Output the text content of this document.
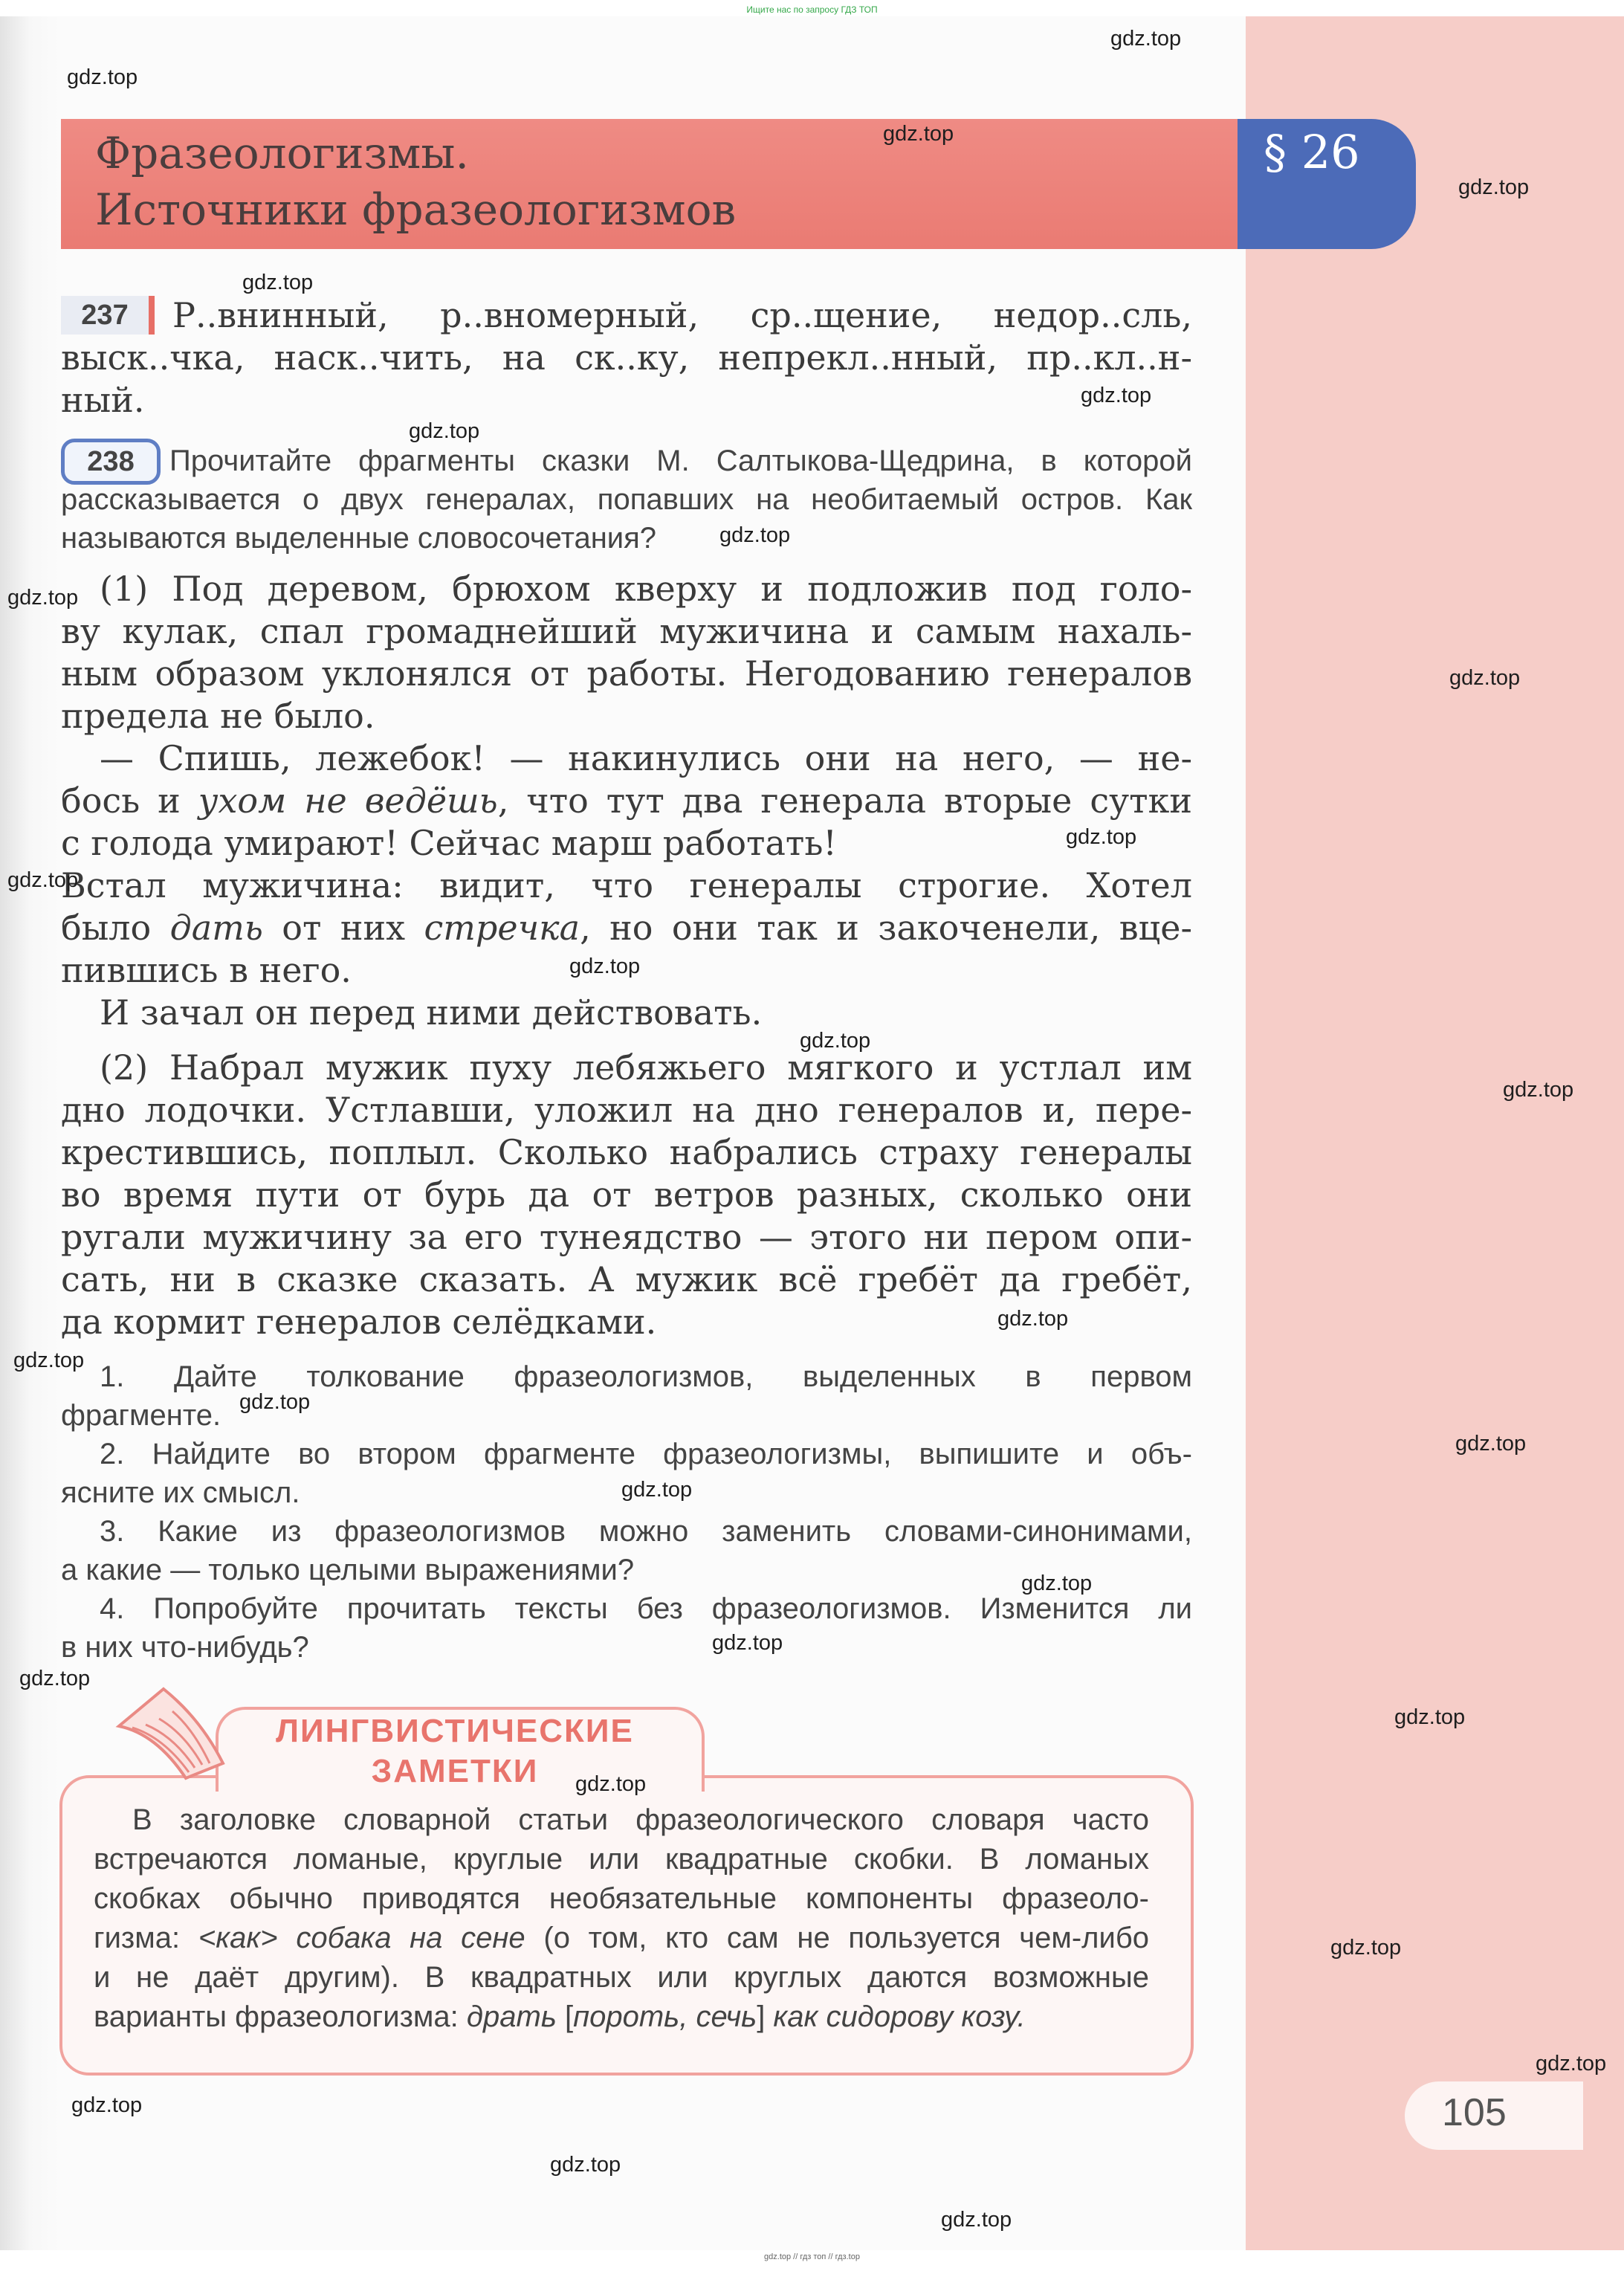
Ищите нас по запросу ГДЗ ТОП
§ 26
Фразеологизмы.
Источники фразеологизмов
237	Р..внинный, р..вномерный, ср..щение, недор..сль,
выск..чка, наск..чить, на ск..ку, непрекл..нный, пр..кл..н-
ный.
238	Прочитайте фрагменты сказки М. Салтыкова-Щедрина, в которой
рассказывается о двух генералах, попавших на необитаемый остров. Как
называются выделенные словосочетания?
(1) Под деревом, брюхом кверху и подложив под голо-
ву кулак, спал громаднейший мужичина и самым нахаль-
ным образом уклонялся от работы. Негодованию генералов
предела не было.
— Спишь, лежебок! — накинулись они на него, — не-
бось и ухом не ведёшь, что тут два генерала вторые сутки
с голода умирают! Сейчас марш работать!
Встал мужичина: видит, что генералы строгие. Хотел
было дать от них стречка, но они так и закоченели, вце-
пившись в него.
И зачал он перед ними действовать.
(2) Набрал мужик пуху лебяжьего мягкого и устлал им
дно лодочки. Устлавши, уложил на дно генералов и, пере-
крестившись, поплыл. Сколько набрались страху генералы
во время пути от бурь да от ветров разных, сколько они
ругали мужичину за его тунеядство — этого ни пером опи-
сать, ни в сказке сказать. А мужик всё гребёт да гребёт,
да кормит генералов селёдками.
1. Дайте толкование фразеологизмов, выделенных в первом
фрагменте.
2. Найдите во втором фрагменте фразеологизмы, выпишите и объ-
ясните их смысл.
3. Какие из фразеологизмов можно заменить словами-синонимами,
а какие — только целыми выражениями?
4. Попробуйте прочитать тексты без фразеологизмов. Изменится ли
в них что-нибудь?
ЛИНГВИСТИЧЕСКИЕ
ЗАМЕТКИ
В заголовке словарной статьи фразеологического словаря часто
встречаются ломаные, круглые или квадратные скобки. В ломаных
скобках обычно приводятся необязательные компоненты фразеоло-
гизма: <как> собака на сене (о том, кто сам не пользуется чем-либо
и не даёт другим). В квадратных или круглых даются возможные
варианты фразеологизма: драть [пороть, сечь] как сидорову козу.
105
gdz.top
gdz.top
gdz.top
gdz.top
gdz.top
gdz.top
gdz.top
gdz.top
gdz.top
gdz.top
gdz.top
gdz.top
gdz.top
gdz.top
gdz.top
gdz.top
gdz.top
gdz.top
gdz.top
gdz.top
gdz.top
gdz.top
gdz.top
gdz.top
gdz.top
gdz.top
gdz.top
gdz.top
gdz.top
gdz.top
gdz.top // гдз топ // гдз.top
